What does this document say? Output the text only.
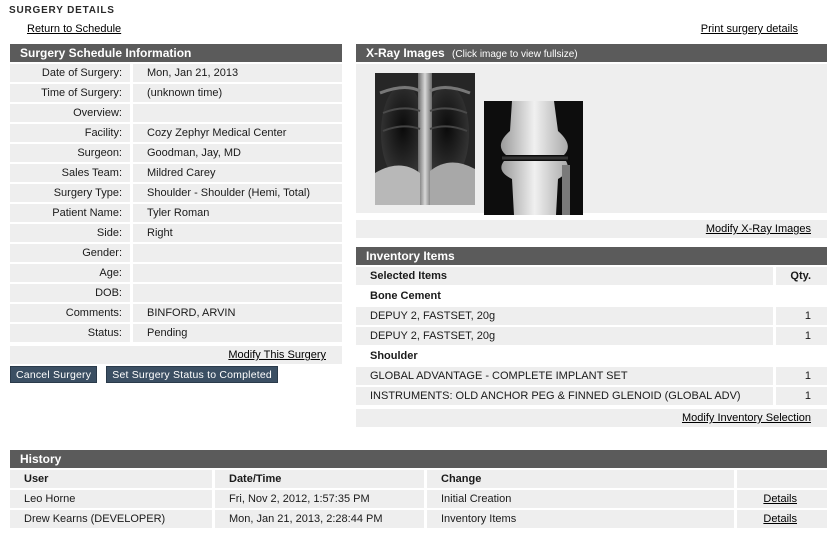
SURGERY DETAILS
Return to Schedule	Print surgery details
Surgery Schedule Information
Date of Surgery:	Mon, Jan 21, 2013
Time of Surgery:	(unknown time)
Overview:	
Facility:	Cozy Zephyr Medical Center
Surgeon:	Goodman, Jay, MD
Sales Team:	Mildred Carey
Surgery Type:	Shoulder - Shoulder (Hemi, Total)
Patient Name:	Tyler Roman
Side:	Right
Gender:	
Age:	
DOB:	
Comments:	BINFORD, ARVIN
Status:	Pending
Modify This Surgery
Cancel Surgery Set Surgery Status to Completed
X-Ray Images (Click image to view fullsize)
Modify X-Ray Images
Inventory Items
Selected Items	Qty.
Bone Cement	
DEPUY 2, FASTSET, 20g	1
DEPUY 2, FASTSET, 20g	1
Shoulder	
GLOBAL ADVANTAGE - COMPLETE IMPLANT SET	1
INSTRUMENTS: OLD ANCHOR PEG & FINNED GLENOID (GLOBAL ADV)	1
Modify Inventory Selection
History
User	Date/Time	Change	
Leo Horne	Fri, Nov 2, 2012, 1:57:35 PM	Initial Creation	Details
Drew Kearns (DEVELOPER)	Mon, Jan 21, 2013, 2:28:44 PM	Inventory Items	Details
